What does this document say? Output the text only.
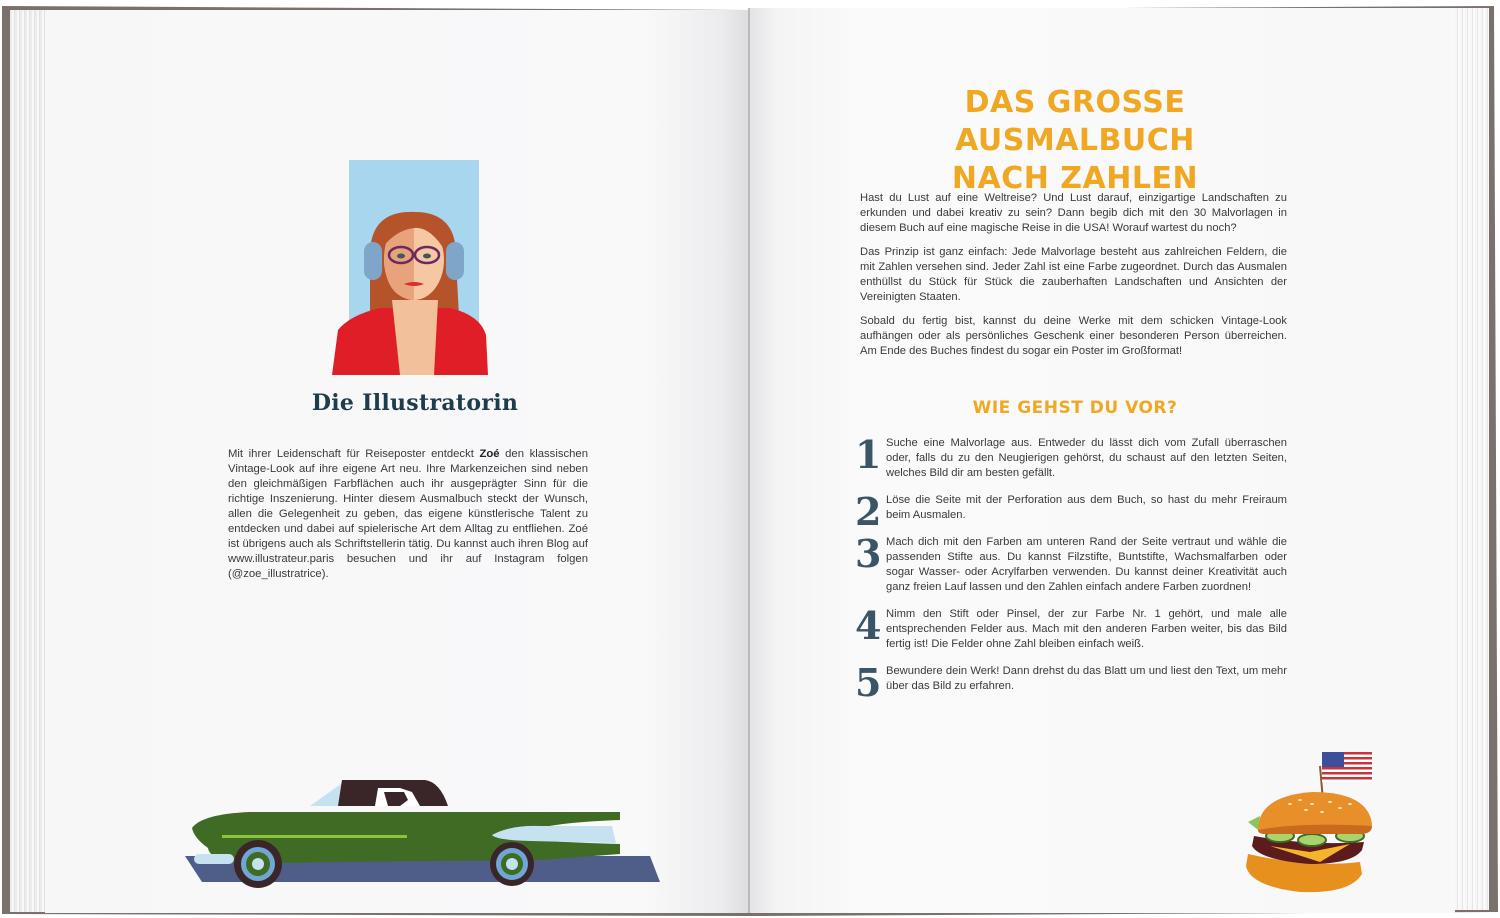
Die Illustratorin
Mit ihrer Leidenschaft für Reiseposter entdeckt Zoé den klassischen Vintage-Look auf ihre eigene Art neu. Ihre Markenzeichen sind neben den gleichmäßigen Farbflächen auch ihr ausgeprägter Sinn für die richtige Inszenierung. Hinter diesem Ausmalbuch steckt der Wunsch, allen die Gelegenheit zu geben, das eigene künstlerische Talent zu entdecken und dabei auf spielerische Art dem Alltag zu entfliehen. Zoé ist übrigens auch als Schriftstellerin tätig. Du kannst auch ihren Blog auf www.illustrateur.paris besuchen und ihr auf Instagram folgen (@zoe_illustratrice).
DAS GROSSE AUSMALBUCH
NACH ZAHLEN

Hast du Lust auf eine Weltreise? Und Lust darauf, einzigartige Landschaften zu erkunden und dabei kreativ zu sein? Dann begib dich mit den 30 Malvorlagen in diesem Buch auf eine magische Reise in die USA! Worauf wartest du noch?

Das Prinzip ist ganz einfach: Jede Malvorlage besteht aus zahlreichen Feldern, die mit Zahlen versehen sind. Jeder Zahl ist eine Farbe zugeordnet. Durch das Ausmalen enthüllst du Stück für Stück die zauberhaften Landschaften und Ansichten der Vereinigten Staaten.

Sobald du fertig bist, kannst du deine Werke mit dem schicken Vintage-Look aufhängen oder als persönliches Geschenk einer besonderen Person überreichen. Am Ende des Buches findest du sogar ein Poster im Großformat!

WIE GEHST DU VOR?
1 Suche eine Malvorlage aus. Entweder du lässt dich vom Zufall überraschen oder, falls du zu den Neugierigen gehörst, du schaust auf den letzten Seiten, welches Bild dir am besten gefällt.
2 Löse die Seite mit der Perforation aus dem Buch, so hast du mehr Freiraum beim Ausmalen.
3 Mach dich mit den Farben am unteren Rand der Seite vertraut und wähle die passenden Stifte aus. Du kannst Filzstifte, Buntstifte, Wachsmalfarben oder sogar Wasser- oder Acrylfarben verwenden. Du kannst deiner Kreativität auch ganz freien Lauf lassen und den Zahlen einfach andere Farben zuordnen!
4 Nimm den Stift oder Pinsel, der zur Farbe Nr. 1 gehört, und male alle entsprechenden Felder aus. Mach mit den anderen Farben weiter, bis das Bild fertig ist! Die Felder ohne Zahl bleiben einfach weiß.
5 Bewundere dein Werk! Dann drehst du das Blatt um und liest den Text, um mehr über das Bild zu erfahren.
